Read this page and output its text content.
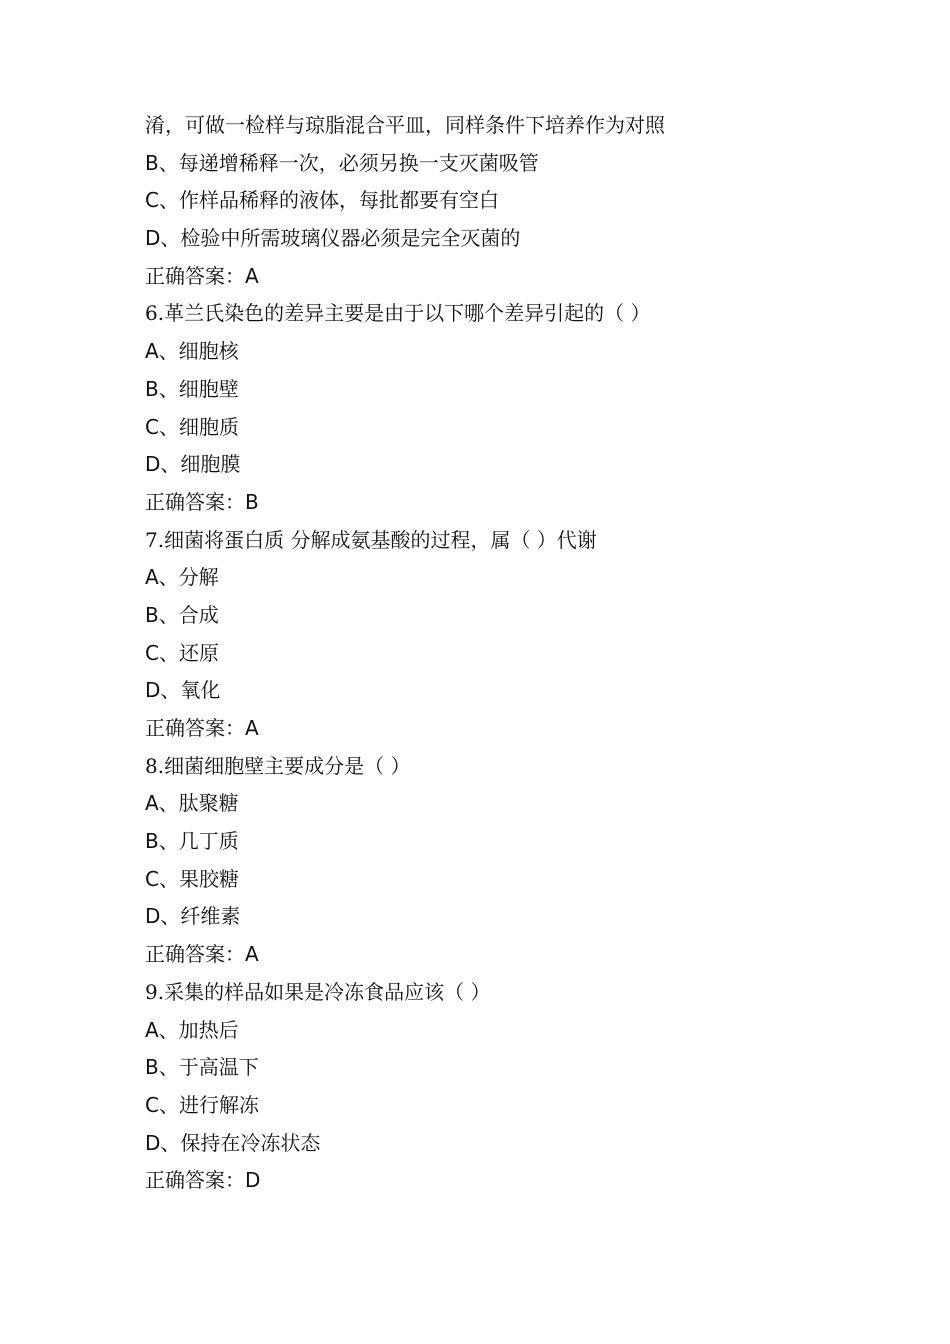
淆，可做一检样与琼脂混合平皿，同样条件下培养作为对照
B、每递增稀释一次，必须另换一支灭菌吸管
C、作样品稀释的液体，每批都要有空白
D、检验中所需玻璃仪器必须是完全灭菌的
正确答案：A
6.革兰氏染色的差异主要是由于以下哪个差异引起的（ ）
A、细胞核
B、细胞壁
C、细胞质
D、细胞膜
正确答案：B
7.细菌将蛋白质 分解成氨基酸的过程，属（ ）代谢
A、分解
B、合成
C、还原
D、氧化
正确答案：A
8.细菌细胞壁主要成分是（ ）
A、肽聚糖
B、几丁质
C、果胶糖
D、纤维素
正确答案：A
9.采集的样品如果是冷冻食品应该（ ）
A、加热后
B、于高温下
C、进行解冻
D、保持在冷冻状态
正确答案：D
